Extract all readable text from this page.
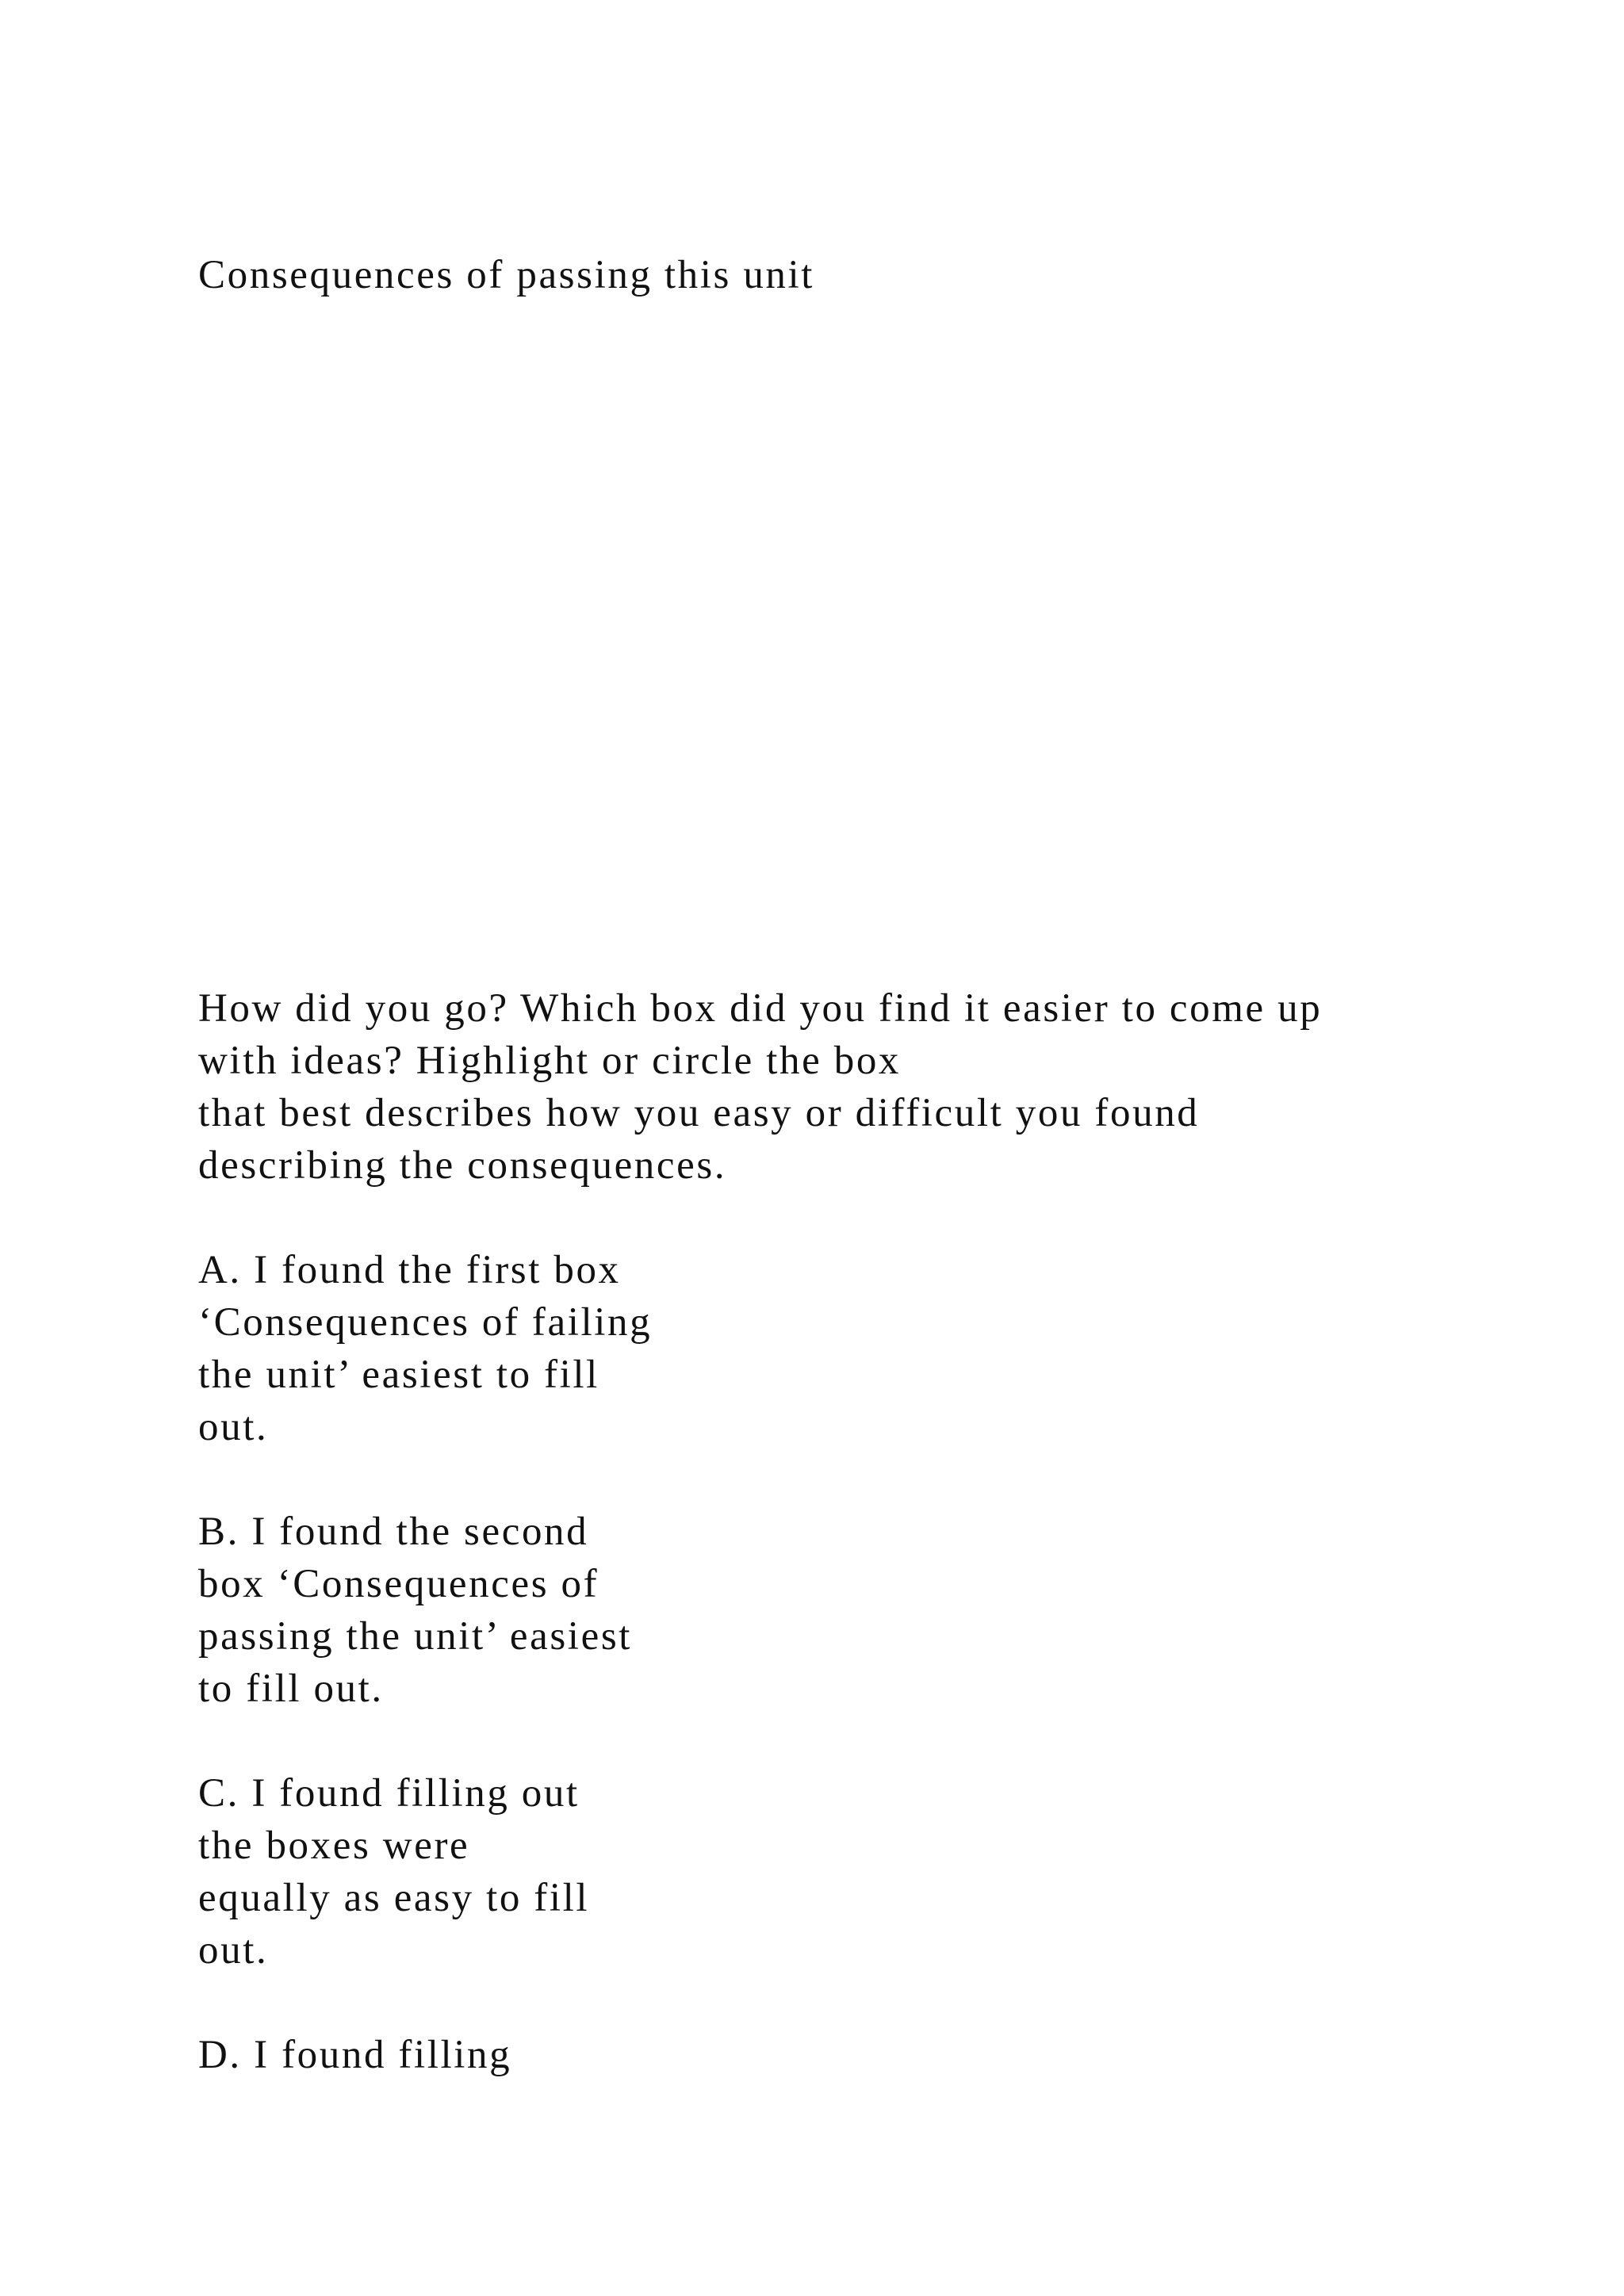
Consequences of passing this unit
How did you go? Which box did you find it easier to come up
with ideas? Highlight or circle the box
that best describes how you easy or difficult you found
describing the consequences.
A. I found the first box
‘Consequences of failing
the unit’ easiest to fill
out.
B. I found the second
box ‘Consequences of
passing the unit’ easiest
to fill out.
C. I found filling out
the boxes were
equally as easy to fill
out.
D. I found filling
